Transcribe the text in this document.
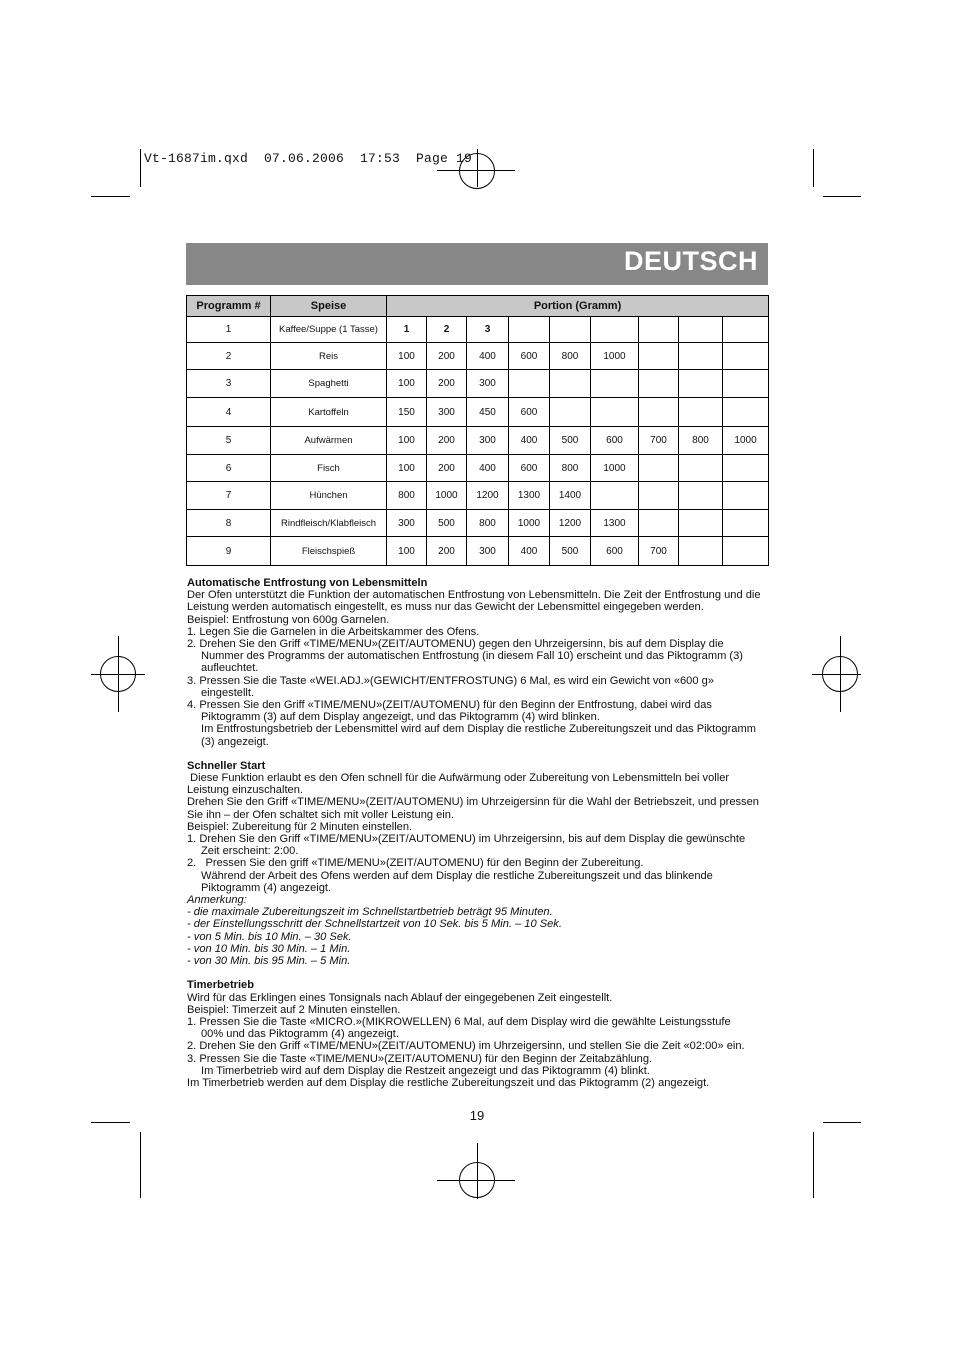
Vt-1687im.qxd  07.06.2006  17:53  Page 19
DEUTSCH
Programm #	Speise	Portion (Gramm)								
1	Kaffee/Suppe (1 Tasse)	1	2	3						
2	Reis	100	200	400	600	800	1000			
3	Spaghetti	100	200	300						
4	Kartoffeln	150	300	450	600					
5	Aufwärmen	100	200	300	400	500	600	700	800	1000
6	Fisch	100	200	400	600	800	1000			
7	Hünchen	800	1000	1200	1300	1400				
8	Rindfleisch/Klabfleisch	300	500	800	1000	1200	1300			
9	Fleischspieß	100	200	300	400	500	600	700		

Automatische Entfrostung von Lebensmitteln

Der Ofen unterstützt die Funktion der automatischen Entfrostung von Lebensmitteln. Die Zeit der Entfrostung und die Leistung werden automatisch eingestellt, es muss nur das Gewicht der Lebensmittel eingegeben werden.

Beispiel: Entfrostung von 600g Garnelen.

1. Legen Sie die Garnelen in die Arbeitskammer des Ofens.

2. Drehen Sie den Griff «TIME/MENU»(ZEIT/AUTOMENU) gegen den Uhrzeigersinn, bis auf dem Display die

Nummer des Programms der automatischen Entfrostung (in diesem Fall 10) erscheint und das Piktogramm (3) aufleuchtet.

3. Pressen Sie die Taste «WEI.ADJ.»(GEWICHT/ENTFROSTUNG) 6 Mal, es wird ein Gewicht von «600 g»

eingestellt.

4. Pressen Sie den Griff «TIME/MENU»(ZEIT/AUTOMENU) für den Beginn der Entfrostung, dabei wird das

Piktogramm (3) auf dem Display angezeigt, und das Piktogramm (4) wird blinken.

Im Entfrostungsbetrieb der Lebensmittel wird auf dem Display die restliche Zubereitungszeit und das Piktogramm (3) angezeigt.

Schneller Start

Diese Funktion erlaubt es den Ofen schnell für die Aufwärmung oder Zubereitung von Lebensmitteln bei voller Leistung einzuschalten.

Drehen Sie den Griff «TIME/MENU»(ZEIT/AUTOMENU) im Uhrzeigersinn für die Wahl der Betriebszeit, und pressen Sie ihn – der Ofen schaltet sich mit voller Leistung ein.

Beispiel: Zubereitung für 2 Minuten einstellen.

1. Drehen Sie den Griff «TIME/MENU»(ZEIT/AUTOMENU) im Uhrzeigersinn, bis auf dem Display die gewünschte

Zeit erscheint: 2:00.

2.   Pressen Sie den griff «TIME/MENU»(ZEIT/AUTOMENU) für den Beginn der Zubereitung.

Während der Arbeit des Ofens werden auf dem Display die restliche Zubereitungszeit und das blinkende Piktogramm (4) angezeigt.

Anmerkung:

- die maximale Zubereitungszeit im Schnellstartbetrieb beträgt 95 Minuten.

- der Einstellungsschritt der Schnellstartzeit von 10 Sek. bis 5 Min. – 10 Sek.

- von 5 Min. bis 10 Min. – 30 Sek.

- von 10 Min. bis 30 Min. – 1 Min.

- von 30 Min. bis 95 Min. – 5 Min.

Timerbetrieb

Wird für das Erklingen eines Tonsignals nach Ablauf der eingegebenen Zeit eingestellt.

Beispiel: Timerzeit auf 2 Minuten einstellen.

1. Pressen Sie die Taste «MICRO.»(MIKROWELLEN) 6 Mal, auf dem Display wird die gewählte Leistungsstufe

00% und das Piktogramm (4) angezeigt.

2. Drehen Sie den Griff «TIME/MENU»(ZEIT/AUTOMENU) im Uhrzeigersinn, und stellen Sie die Zeit «02:00» ein.

3. Pressen Sie die Taste «TIME/MENU»(ZEIT/AUTOMENU) für den Beginn der Zeitabzählung.

Im Timerbetrieb wird auf dem Display die Restzeit angezeigt und das Piktogramm (4) blinkt.

Im Timerbetrieb werden auf dem Display die restliche Zubereitungszeit und das Piktogramm (2) angezeigt.

19
